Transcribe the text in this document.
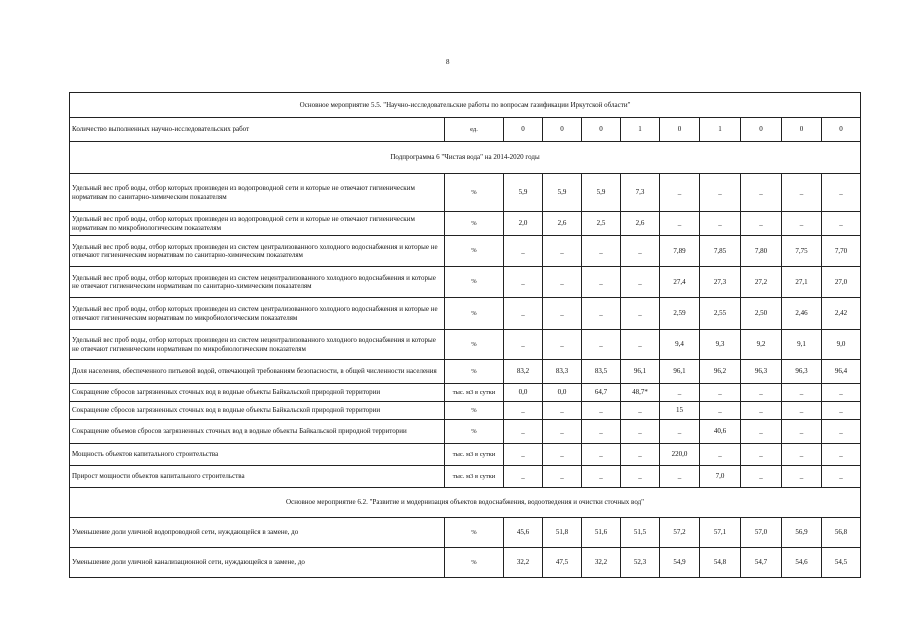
8
Основное мероприятие 5.5. "Научно-исследовательские работы по вопросам газификации Иркутской области"										
Количество выполненных научно-исследовательских работ	ед.	0	0	0	1	0	1	0	0	0
Подпрограмма 6 "Чистая вода" на 2014-2020 годы										
Удельный вес проб воды, отбор которых произведен из водопроводной сети и которые не отвечают гигиеническим нормативам по санитарно-химическим показателям	%	5,9	5,9	5,9	7,3	_	_	_	_	_
Удельный вес проб воды, отбор которых произведен из водопроводной сети и которые не отвечают гигиеническим нормативам по микробиологическим показателям	%	2,0	2,6	2,5	2,6	_	_	_	_	_
Удельный вес проб воды, отбор которых произведен из систем централизованного холодного водоснабжения и которые не отвечают гигиеническим нормативам по санитарно-химическим показателям	%	_	_	_	_	7,89	7,85	7,80	7,75	7,70
Удельный вес проб воды, отбор которых произведен из систем нецентрализованного холодного водоснабжения и которые не отвечают гигиеническим нормативам по санитарно-химическим показателям	%	_	_	_	_	27,4	27,3	27,2	27,1	27,0
Удельный вес проб воды, отбор которых произведен из систем централизованного холодного водоснабжения и которые не отвечают гигиеническим нормативам по микробиологическим показателям	%	_	_	_	_	2,59	2,55	2,50	2,46	2,42
Удельный вес проб воды, отбор которых произведен из систем нецентрализованного холодного водоснабжения и которые не отвечают гигиеническим нормативам по микробиологическим показателям	%	_	_	_	_	9,4	9,3	9,2	9,1	9,0
Доля населения, обеспеченного питьевой водой, отвечающей требованиям безопасности, в общей численности населения	%	83,2	83,3	83,5	96,1	96,1	96,2	96,3	96,3	96,4
Сокращение сбросов загрязненных сточных вод в водные объекты Байкальской природной территории	тыс. м3 в сутки	0,0	0,0	64,7	48,7*	_	_	_	_	_
Сокращение сбросов загрязненных сточных вод в водные объекты Байкальской природной территории	%	_	_	_	_	15	_	_	_	_
Сокращение объемов сбросов загрязненных сточных вод в водные объекты Байкальской природной территории	%	_	_	_	_	_	40,6	_	_	_
Мощность объектов капитального строительства	тыс. м3 в сутки	_	_	_	_	220,0	_	_	_	_
Прирост мощности объектов капитального строительства	тыс. м3 в сутки	_	_	_	_	_	7,0	_	_	_
Основное мероприятие 6.2. "Развитие и модернизация объектов водоснабжения, водоотведения и очистки сточных вод"										
Уменьшение доли уличной водопроводной сети, нуждающейся в замене, до	%	45,6	51,8	51,6	51,5	57,2	57,1	57,0	56,9	56,8
Уменьшение доли уличной канализационной сети, нуждающейся в замене, до	%	32,2	47,5	32,2	52,3	54,9	54,8	54,7	54,6	54,5
